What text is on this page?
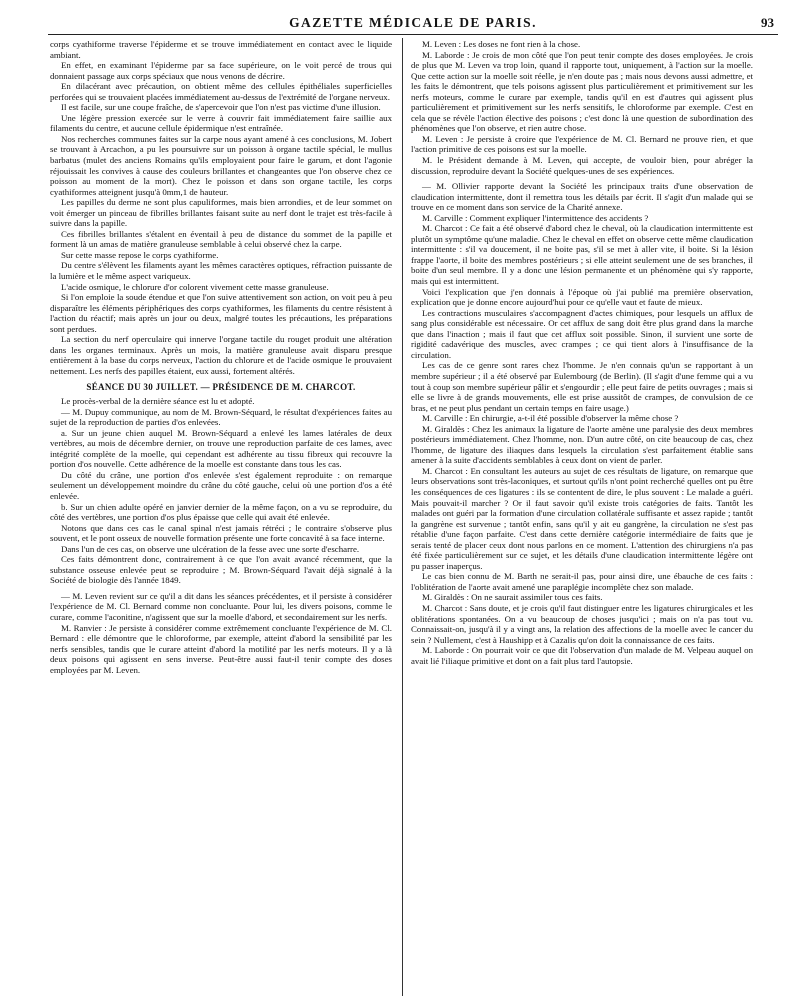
GAZETTE MÉDICALE DE PARIS.	93

corps cyathiforme traverse l'épiderme et se trouve immédiatement en contact avec le liquide ambiant.

En effet, en examinant l'épiderme par sa face supérieure, on le voit percé de trous qui donnaient passage aux corps spéciaux que nous venons de décrire.

En dilacérant avec précaution, on obtient même des cellules épithéliales superficielles perforées qui se trouvaient placées immédiatement au-dessus de l'extrémité de l'organe nerveux.

Il est facile, sur une coupe fraîche, de s'apercevoir que l'on n'est pas victime d'une illusion.

Une légère pression exercée sur le verre à couvrir fait immédiatement faire saillie aux filaments du centre, et aucune cellule épidermique n'est entraînée.

Nos recherches communes faites sur la carpe nous ayant amené à ces conclusions, M. Jobert se trouvant à Arcachon, a pu les poursuivre sur un poisson à organe tactile spécial, le mullus barbatus (mulet des anciens Romains qu'ils employaient pour faire le garum, et dont l'agonie réjouissait les convives à cause des couleurs brillantes et changeantes que l'on observe chez ce poisson au moment de la mort). Chez le poisson et dans son organe tactile, les corps cyathiformes atteignent jusqu'à 0mm,1 de hauteur.

Les papilles du derme ne sont plus capuliformes, mais bien arrondies, et de leur sommet on voit émerger un pinceau de fibrilles brillantes faisant suite au nerf dont le trajet est très-facile à suivre dans la papille.

Ces fibrilles brillantes s'étalent en éventail à peu de distance du sommet de la papille et forment là un amas de matière granuleuse semblable à celui observé chez la carpe.

Sur cette masse repose le corps cyathiforme.

Du centre s'élèvent les filaments ayant les mêmes caractères optiques, réfraction puissante de la lumière et le même aspect variqueux.

L'acide osmique, le chlorure d'or colorent vivement cette masse granuleuse.

Si l'on emploie la soude étendue et que l'on suive attentivement son action, on voit peu à peu disparaître les éléments périphériques des corps cyathiformes, les filaments du centre résistent à l'action du réactif; mais après un jour ou deux, malgré toutes les précautions, les préparations sont perdues.

La section du nerf operculaire qui innerve l'organe tactile du rouget produit une altération dans les organes terminaux. Après un mois, la matière granuleuse avait disparu presque entièrement à la base du corps nerveux, l'action du chlorure et de l'acide osmique le prouvaient nettement. Les nerfs des papilles étaient, eux aussi, fortement altérés.

SÉANCE DU 30 JUILLET. — PRÉSIDENCE DE M. CHARCOT.

Le procès-verbal de la dernière séance est lu et adopté.

— M. Dupuy communique, au nom de M. Brown-Séquard, le résultat d'expériences faites au sujet de la reproduction de parties d'os enlevées.

a. Sur un jeune chien auquel M. Brown-Séquard a enlevé les lames latérales de deux vertèbres, au mois de décembre dernier, on trouve une reproduction parfaite de ces lames, avec intégrité complète de la moelle, qui cependant est adhérente au tissu fibreux qui recouvre la portion d'os nouvelle. Cette adhérence de la moelle est constante dans tous les cas.

Du côté du crâne, une portion d'os enlevée s'est également reproduite : on remarque seulement un développement moindre du crâne du côté gauche, celui où une portion d'os a été enlevée.

b. Sur un chien adulte opéré en janvier dernier de la même façon, on a vu se reproduire, du côté des vertèbres, une portion d'os plus épaisse que celle qui avait été enlevée.

Notons que dans ces cas le canal spinal n'est jamais rétréci ; le contraire s'observe plus souvent, et le pont osseux de nouvelle formation présente une forte concavité à sa face interne.

Dans l'un de ces cas, on observe une ulcération de la fesse avec une sorte d'escharre.

Ces faits démontrent donc, contrairement à ce que l'on avait avancé récemment, que la substance osseuse enlevée peut se reproduire ; M. Brown-Séquard l'avait déjà signalé à la Société de biologie dès l'année 1849.

— M. Leven revient sur ce qu'il a dit dans les séances précédentes, et il persiste à considérer l'expérience de M. Cl. Bernard comme non concluante. Pour lui, les divers poisons, comme le curare, comme l'aconitine, n'agissent que sur la moelle d'abord, et secondairement sur les nerfs.

M. Ranvier : Je persiste à considérer comme extrêmement concluante l'expérience de M. Cl. Bernard : elle démontre que le chloroforme, par exemple, atteint d'abord la sensibilité par les nerfs sensibles, tandis que le curare atteint d'abord la motilité par les nerfs moteurs. Il y a là deux poisons qui agissent en sens inverse. Peut-être aussi faut-il tenir compte des doses employées par M. Leven.

M. Leven : Les doses ne font rien à la chose.

M. Laborde : Je crois de mon côté que l'on peut tenir compte des doses employées. Je crois de plus que M. Leven va trop loin, quand il rapporte tout, uniquement, à l'action sur la moelle. Que cette action sur la moelle soit réelle, je n'en doute pas ; mais nous devons aussi admettre, et les faits le démontrent, que tels poisons agissent plus particulièrement et primitivement sur les nerfs moteurs, comme le curare par exemple, tandis qu'il en est d'autres qui agissent plus particulièrement et primitivement sur les nerfs sensitifs, le chloroforme par exemple. C'est en cela que se révèle l'action élective des poisons ; c'est donc là une question de subordination des phénomènes que l'on observe, et rien autre chose.

M. Leven : Je persiste à croire que l'expérience de M. Cl. Bernard ne prouve rien, et que l'action primitive de ces poisons est sur la moelle.

M. le Président demande à M. Leven, qui accepte, de vouloir bien, pour abréger la discussion, reproduire devant la Société quelques-unes de ses expériences.

— M. Ollivier rapporte devant la Société les principaux traits d'une observation de claudication intermittente, dont il remettra tous les détails par écrit. Il s'agit d'un malade qui se trouve en ce moment dans son service de la Charité annexe.

M. Carville : Comment expliquer l'intermittence des accidents ?

M. Charcot : Ce fait a été observé d'abord chez le cheval, où la claudication intermittente est plutôt un symptôme qu'une maladie. Chez le cheval en effet on observe cette même claudication intermittente : s'il va doucement, il ne boite pas, s'il se met à aller vite, il boite. Si la lésion frappe l'aorte, il boite des membres postérieurs ; si elle atteint seulement une de ses branches, il boite d'un seul membre. Il y a donc une lésion permanente et un phénomène qui s'y rapporte, mais qui est intermittent.

Voici l'explication que j'en donnais à l'époque où j'ai publié ma première observation, explication que je donne encore aujourd'hui pour ce qu'elle vaut et faute de mieux.

Les contractions musculaires s'accompagnent d'actes chimiques, pour lesquels un afflux de sang plus considérable est nécessaire. Or cet afflux de sang doit être plus grand dans la marche que dans l'inaction ; mais il faut que cet afflux soit possible. Sinon, il survient une sorte de rigidité cadavérique des muscles, avec crampes ; ce qui tient alors à l'insuffisance de la circulation.

Les cas de ce genre sont rares chez l'homme. Je n'en connais qu'un se rapportant à un membre supérieur ; il a été observé par Eulembourg (de Berlin). (Il s'agit d'une femme qui a vu tout à coup son membre supérieur pâlir et s'engourdir ; elle peut faire de petits ouvrages ; mais si elle se livre à de grands mouvements, elle est prise aussitôt de crampes, de convulsion de ce bras, et ne peut plus pendant un certain temps en faire usage.)

M. Carville : En chirurgie, a-t-il été possible d'observer la même chose ?

M. Giraldès : Chez les animaux la ligature de l'aorte amène une paralysie des deux membres postérieurs immédiatement. Chez l'homme, non. D'un autre côté, on cite beaucoup de cas, chez l'homme, de ligature des iliaques dans lesquels la circulation s'est parfaitement établie sans amener à la suite d'accidents semblables à ceux dont on vient de parler.

M. Charcot : En consultant les auteurs au sujet de ces résultats de ligature, on remarque que leurs observations sont très-laconiques, et surtout qu'ils n'ont point recherché quelles ont pu être les conséquences de ces ligatures : ils se contentent de dire, le plus souvent : Le malade a guéri. Mais pouvait-il marcher ? Or il faut savoir qu'il existe trois catégories de faits. Tantôt les malades ont guéri par la formation d'une circulation collatérale suffisante et assez rapide ; tantôt la gangrène est survenue ; tantôt enfin, sans qu'il y ait eu gangrène, la circulation ne s'est pas rétablie d'une façon parfaite. C'est dans cette dernière catégorie intermédiaire de faits que je serais tenté de placer ceux dont nous parlons en ce moment. L'attention des chirurgiens n'a pas été fixée particulièrement sur ce sujet, et les détails d'une claudication intermittente légère ont pu passer inaperçus.

Le cas bien connu de M. Barth ne serait-il pas, pour ainsi dire, une ébauche de ces faits : l'oblitération de l'aorte avait amené une paraplégie incomplète chez son malade.

M. Giraldès : On ne saurait assimiler tous ces faits.

M. Charcot : Sans doute, et je crois qu'il faut distinguer entre les ligatures chirurgicales et les oblitérations spontanées. On a vu beaucoup de choses jusqu'ici ; mais on n'a pas tout vu. Connaissait-on, jusqu'à il y a vingt ans, la relation des affections de la moelle avec le cancer du sein ? Nullement, c'est à Haushipp et à Cazalis qu'on doit la connaissance de ces faits.

M. Laborde : On pourrait voir ce que dit l'observation d'un malade de M. Velpeau auquel on avait lié l'iliaque primitive et dont on a fait plus tard l'autopsie.
